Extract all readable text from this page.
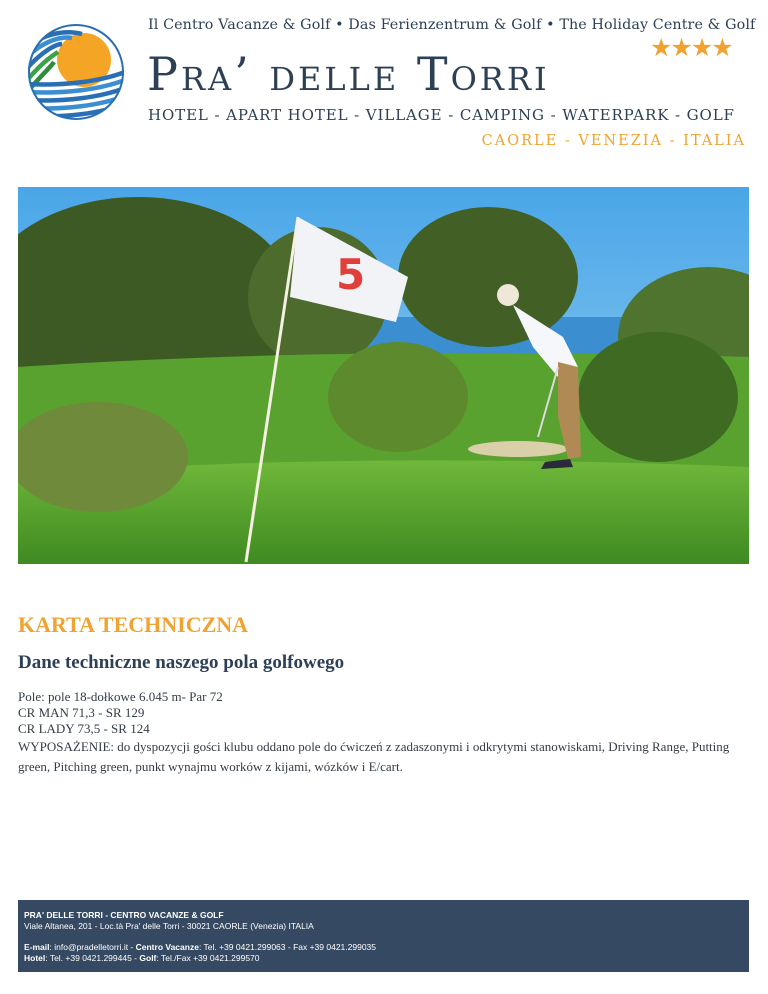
Il Centro Vacanze & Golf • Das Ferienzentrum & Golf • The Holiday Centre & Golf
★★★★
Pra’ delle Torri
HOTEL - APART HOTEL - VILLAGE - CAMPING - WATERPARK - GOLF
CAORLE - VENEZIA - ITALIA
5
KARTA TECHNICZNA
Dane techniczne naszego pola golfowego
Pole: pole 18-dołkowe 6.045 m- Par 72
CR MAN 71,3 - SR 129
CR LADY 73,5 - SR 124
WYPOSAŻENIE: do dyspozycji gości klubu oddano pole do ćwiczeń z zadaszonymi i odkrytymi stanowiskami, Driving Range, Putting green, Pitching green, punkt wynajmu worków z kijami, wózków i E/cart.
PRA' DELLE TORRI - CENTRO VACANZE & GOLF
Viale Altanea, 201 - Loc.tà Pra' delle Torri - 30021 CAORLE (Venezia) ITALIA
E-mail: info@pradelletorri.it - Centro Vacanze: Tel. +39 0421.299063 - Fax +39 0421.299035
Hotel: Tel. +39 0421.299445 - Golf: Tel./Fax +39 0421.299570
